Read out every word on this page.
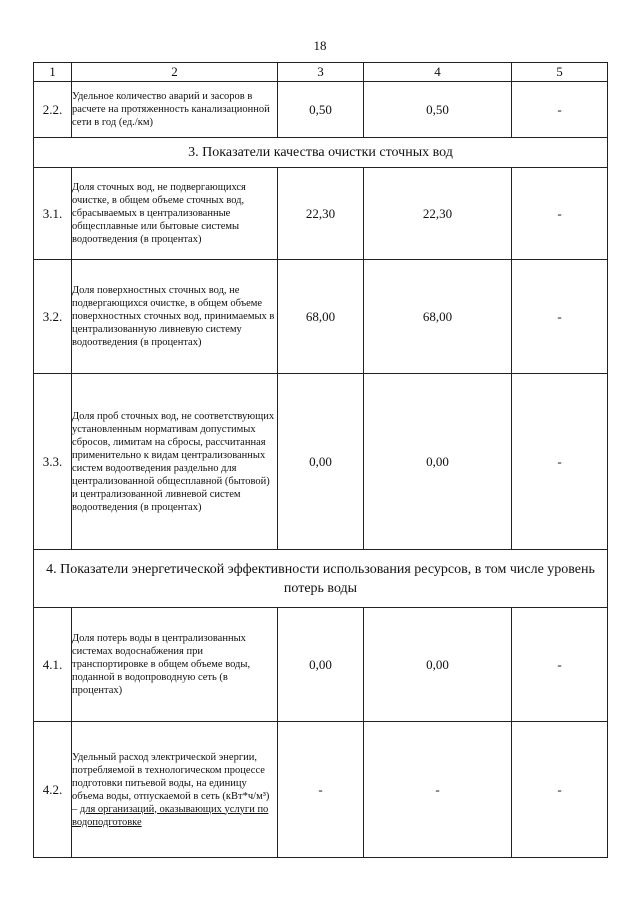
18
1	2	3	4	5
2.2.	Удельное количество аварий и засоров в расчете на протяженность канализационной сети в год (ед./км)	0,50	0,50	-
3. Показатели качества очистки сточных вод				
3.1.	Доля сточных вод, не подвергающихся очистке, в общем объеме сточных вод, сбрасываемых в централизованные общесплавные или бытовые системы водоотведения (в процентах)	22,30	22,30	-
3.2.	Доля поверхностных сточных вод, не подвергающихся очистке, в общем объеме поверхностных сточных вод, принимаемых в централизованную ливневую систему водоотведения (в процентах)	68,00	68,00	-
3.3.	Доля проб сточных вод, не соответствующих установленным нормативам допустимых сбросов, лимитам на сбросы, рассчитанная применительно к видам централизованных систем водоотведения раздельно для централизованной общесплавной (бытовой) и централизованной ливневой систем водоотведения (в процентах)	0,00	0,00	-
4. Показатели энергетической эффективности использования ресурсов, в том числе уровень потерь воды				
4.1.	Доля потерь воды в централизованных системах водоснабжения при транспортировке в общем объеме воды, поданной в водопроводную сеть (в процентах)	0,00	0,00	-
4.2.	Удельный расход электрической энергии, потребляемой в технологическом процессе подготовки питьевой воды, на единицу объема воды, отпускаемой в сеть (кВт*ч/м³) – для организаций, оказывающих услуги по водоподготовке	-	-	-
